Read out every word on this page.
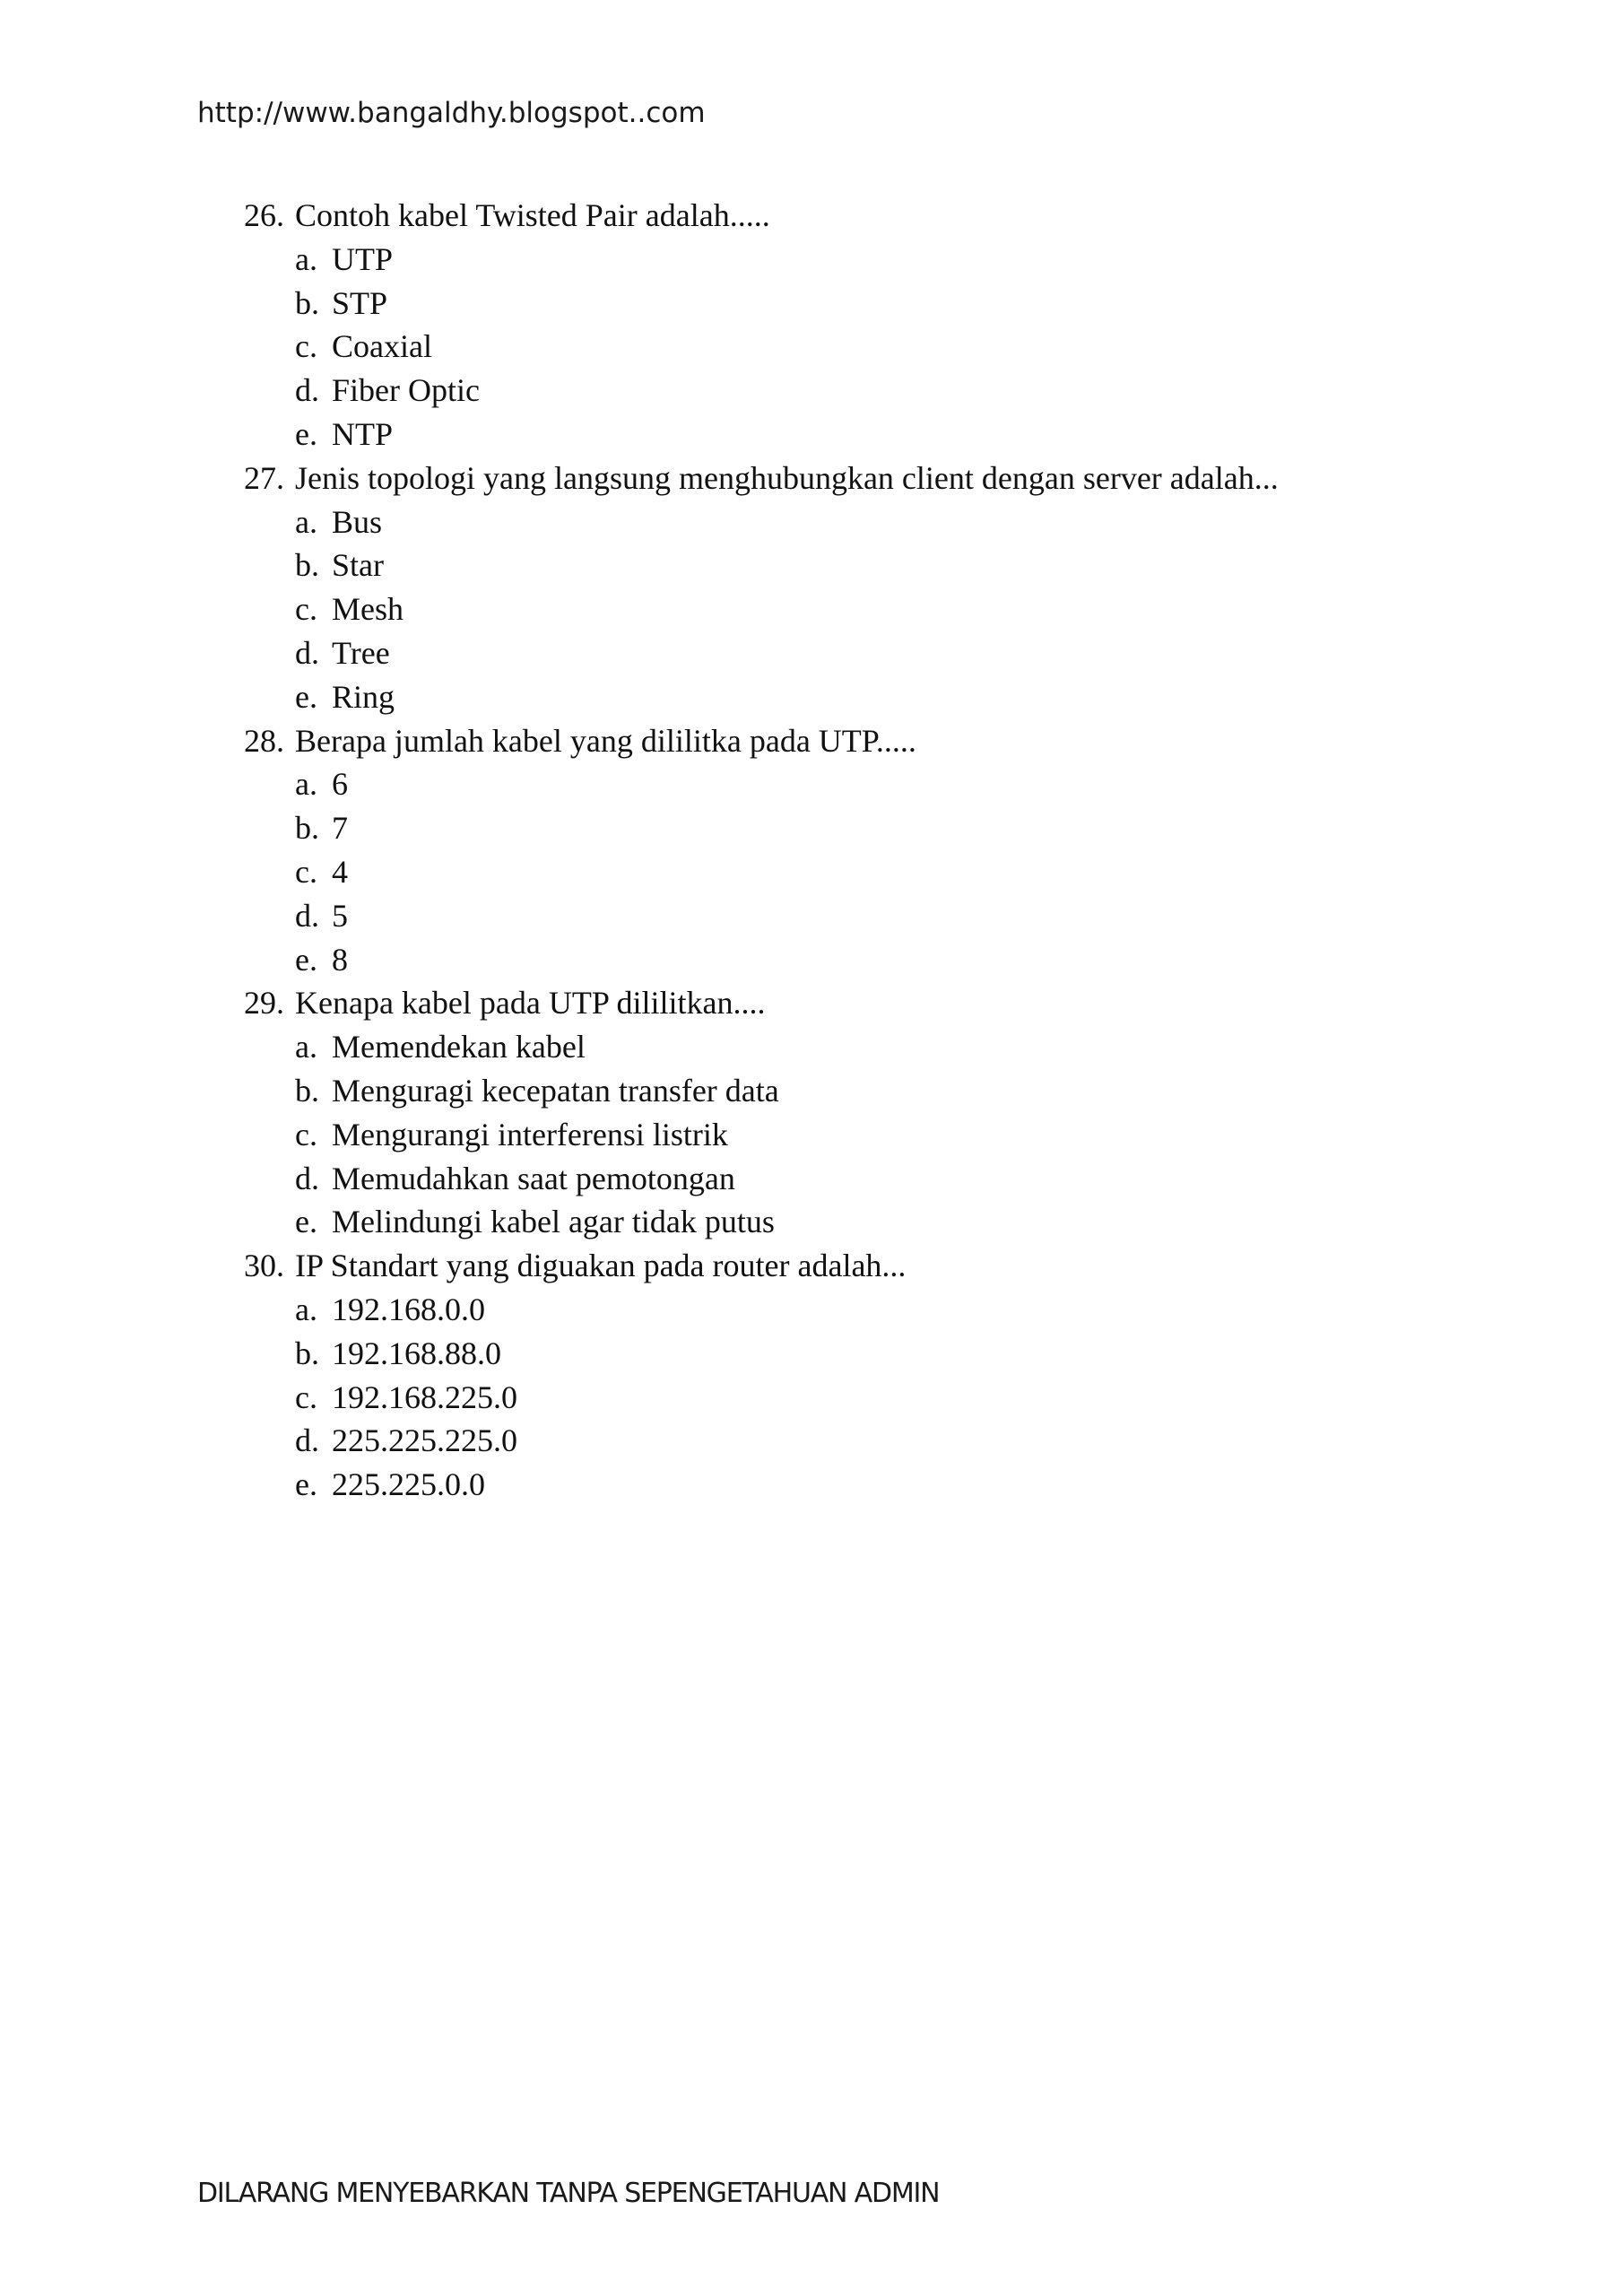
http://www.bangaldhy.blogspot..com
26. Contoh kabel Twisted Pair adalah.....
a. UTP
b. STP
c. Coaxial
d. Fiber Optic
e. NTP
27. Jenis topologi yang langsung menghubungkan client dengan server adalah...
a. Bus
b. Star
c. Mesh
d. Tree
e. Ring
28. Berapa jumlah kabel yang dililitka pada UTP.....
a. 6
b. 7
c. 4
d. 5
e. 8
29. Kenapa kabel pada UTP dililitkan....
a. Memendekan kabel
b. Menguragi kecepatan transfer data
c. Mengurangi interferensi listrik
d. Memudahkan saat pemotongan
e. Melindungi kabel agar tidak putus
30. IP Standart yang diguakan pada router adalah...
a. 192.168.0.0
b. 192.168.88.0
c. 192.168.225.0
d. 225.225.225.0
e. 225.225.0.0
DILARANG MENYEBARKAN TANPA SEPENGETAHUAN ADMIN
